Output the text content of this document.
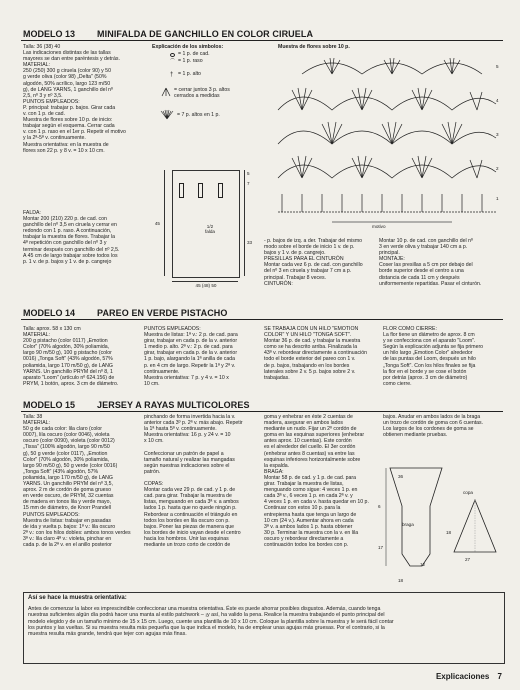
MODELO 13 MINIFALDA DE GANCHILLO EN COLOR CIRUELA

Talla: 36 (38) 40
Las indicaciones distintas de las tallas
mayores se dan entre paréntesis y detrás.
MATERIAL:
250 (250) 300 g ciruela (color 90) y 50
g verde oliva (color 98) „Delta" (50%
algodón, 50% acrílico, largo 123 m/50
g), de LANG YARNS, 1 ganchillo del nº
2,5, nº 3 y nº 3,5.
PUNTOS EMPLEADOS:
P. principal: trabajar p. bajos. Girar cada
v. con 1 p. de cad.
Muestra de flores sobre 10 p. de inicio:
trabajar según el esquema. Cerrar cada
v. con 1 p. raso en el 1er p. Repetir el motivo
y la 2ª-5ª v. continuamente.
Muestra orientativa: en la muestra de
flores son 22 p. y 8 v. = 10 x 10 cm.

FALDA:
Montar 200 (210) 220 p. de cad. con
ganchillo del nº 3,5 en ciruela y cerrar en
redondo con 1 p. raso. A continuación,
trabajar la muestra de flores. Trabajar la
4ª repetición con ganchillo del nº 3 y
terminar después con ganchillo del nº 2,5.
A 45 cm de largo trabajar sobre todos los
p. 1 v. de p. bajos y 1 v. de p. cangrejo

Explicación de los símbolos:

= 1 p. de cad.

⌒ = 1 p. raso

† = 1 p. alto

= cerrar juntos 3 p. altos
cerrados a medidas

= 7 p. altos en 1 p.

1/2
falda

45

33

45 (48) 50

5

7

Muestra de flores sobre 10 p.

5

4

3

2

1

motivo

- p. bajos de izq. a der. Trabajar del mismo
modo sobre el borde de inicio 1 v. de p.
bajos y 1 v. de p. cangrejo.
PRESILLAS PARA EL CINTURÓN
Montar cada vez 6 p. de cad. con ganchillo
del nº 3 en ciruela y trabajar 7 cm a p.
principal. Trabajar 8 veces.
CINTURÓN:

Montar 10 p. de cad. con ganchillo del nº
3 en verde oliva y trabajar 140 cm a p.
principal.
MONTAJE:
Coser las presillas a 5 cm por debajo del
borde superior desde el centro a una
distancia de cada 11 cm y después
uniformemente repartidas. Pasar el cinturón.

MODELO 14 PAREO EN VERDE PISTACHO

Talla: aprox. 58 x 130 cm
MATERIAL:
200 g pistacho (color 0117) „Emotion
Color" (70% algodón, 30% poliamida,
largo 90 m/50 g), 100 g pistacho (color
0016) „Tonga Soft" (43% algodón, 57%
poliamida, largo 170 m/50 g), de LANG
YARNS. Un ganchillo PRYM del nº 8, 1
aparato "Loom" (artículo nº 624.156) de
PRYM, 1 botón, aprox. 3 cm de diámetro.

PUNTOS EMPLEADOS:
Muestra de listas: 1ª v.: 2 p. de cad. para
girar, trabajar en cada p. de la v. anterior
1 medio p. alto. 2ª v.: 2 p. de cad. para
girar, trabajar en cada p. de la v. anterior
1 p. bajo, alargando la 1ª anilla de cada
p. en 4 cm de largo. Repetir la 1ª y 2ª v.
continuamente.
Muestra orientativa: 7 p. y 4 v. = 10 x
10 cm.

SE TRABAJA CON UN HILO "EMOTION
COLOR" Y UN HILO "TONGA SOFT".
Montar 36 p. de cad. y trabajar la muestra
como se ha descrito arriba. Finalizada la
43ª v. rebordear directamente a continuación
todo el borde exterior del pareo con 1 v.
de p. bajos, trabajando en los bordes
laterales sobre 2 v. 5 p. bajos sobre 2 v.
trabajadas.

FLOR COMO CIERRE:
La flor tiene un diámetro de aprox. 8 cm
y se confecciona con el aparato "Loom".
Según la explicación adjunta se fija primero
un hilo largo „Emotion Color" alrededor
de las puntas del Loom, después un hilo
„Tonga Soft". Con los hilos finales se fija
la flor en el borde y se cose el botón
por detrás (aprox. 3 cm de diámetro)
como cierre.

MODELO 15 JERSEY A RAYAS MULTICOLORES

Talla: 38
MATERIAL:
50 g de cada color: lila claro (color
0007), lila oscuro (color 0046), violeta
oscuro (color 0090), violeta (color 0012)
„Tissa" (100% algodón, largo 90 m/50
g), 50 g verde (color 0117), „Emotion
Color" (70% algodón, 30% poliamida,
largo 90 m/50 g), 50 g verde (color 0016)
„Tonga Soft" (43% algodón, 57%
poliamida, largo 170 m/50 g), de LANG
YARNS. Un ganchillo PRYM del nº 3,5,
aprox. 2 m de cordón de goma grueso
en verde oscuro, de PRYM, 32 cuentas
de madera en tonos lila y verde mayo,
15 mm de diámetro, de Knorr Prandell
PUNTOS EMPLEADOS:
Muestra de listas: trabajar en pasadas
de ida y vuelta p. bajos: 1ª v.: lila oscuro
2ª v.: con los hilos dobles: ambos tonos verdes
3ª v.: lila claro 4ª v.: violeta, pinchar en
cada p. de la 2ª v. en el anillo posterior

pinchando de forma invertida hacia la v.
anterior cada 3º p. 2ª v. más abajo. Repetir
la 1ª hasta 5ª v. continuamente.
Muestra orientativa: 16 p. y 24 v. = 10
x 10 cm.

Confeccionar un patrón de papel a
tamaño natural y realizar las mangadas
según nuestras indicaciones sobre el
patrón.

COPAS:
Montar cada vez 29 p. de cad. y 1 p. de
cad. para girar. Trabajar la muestra de
listas, menguando en cada 3ª v. a ambos
lados 1 p. hasta que no quede ningún p.
Rebordear a continuación el triángulo en
todos los bordes en lila oscuro con p.
bajos. Poner las piezas de manera que
los bordes de inicio vayan desde el centro
hacia los hombros. Unir las esquinas
mediante un trozo corto de cordón de

goma y enhebrar en éste 2 cuentas de
madera, asegurar en ambos lados
mediante un nudo. Fijar un 2º cordón de
goma en las esquinas superiores (enhebrar
antes aprox. 10 cuentas). Este cordón
es el alrededor del cuello. El 3er cordón
(enhebrar antes 8 cuentas) va entre las
esquinas inferiores horizontalmente sobre
la espalda.
BRAGA:
Montar 58 p. de cad. y 1 p. de cad. para
girar. Trabajar la muestra de listas,
menguando como sigue: 4 veces 1 p. en
cada 3ª v., 6 veces 1 p. en cada 2ª v. y
4 veces 1 p. en cada v. hasta quedar en 10 p.
Continuar con estos 10 p. para la
entrepierna hasta que tenga un largo de
10 cm (24 v.). Aumentar ahora en cada
3ª v. a ambos lados 1 p. hasta obtener
30 p. Terminar la muestra con la v. en lila
oscuro y rebordear directamente a
continuación todos los bordes con p.

bajos. Anudar en ambos lados de la braga
un trozo de cordón de goma con 6 cuentas.
Los largos de los cordones de goma se
obtienen mediante pruebas.

braga

36

17

12

6

18

copa

27

18

Así se hace la muestra orientativa:

Antes de comenzar la labor es imprescindible confeccionar una muestra orientativa. Éste es puede ahorrar posibles disgustos. Además, cuando tenga
nuestras suficientes algún día podrá hacer una manta al estilo patchwork – ¡y así, ha valido la pena. Realice la muestra trabajando el punto principal del
modelo elegido y de un tamaño mínimo de 15 x 15 cm. Luego, cuente una plantilla de 10 x 10 cm. Coloque la plantilla sobre la muestra y le será fácil contar
los puntos y las vueltas. Si su muestra resulta más pequeña que la que indica el modelo, ha de emplear unas agujas más gruesas. Por el contrario, si la
muestra resulta más grande, tendrá que tejer con agujas más finas.

Explicaciones 7
